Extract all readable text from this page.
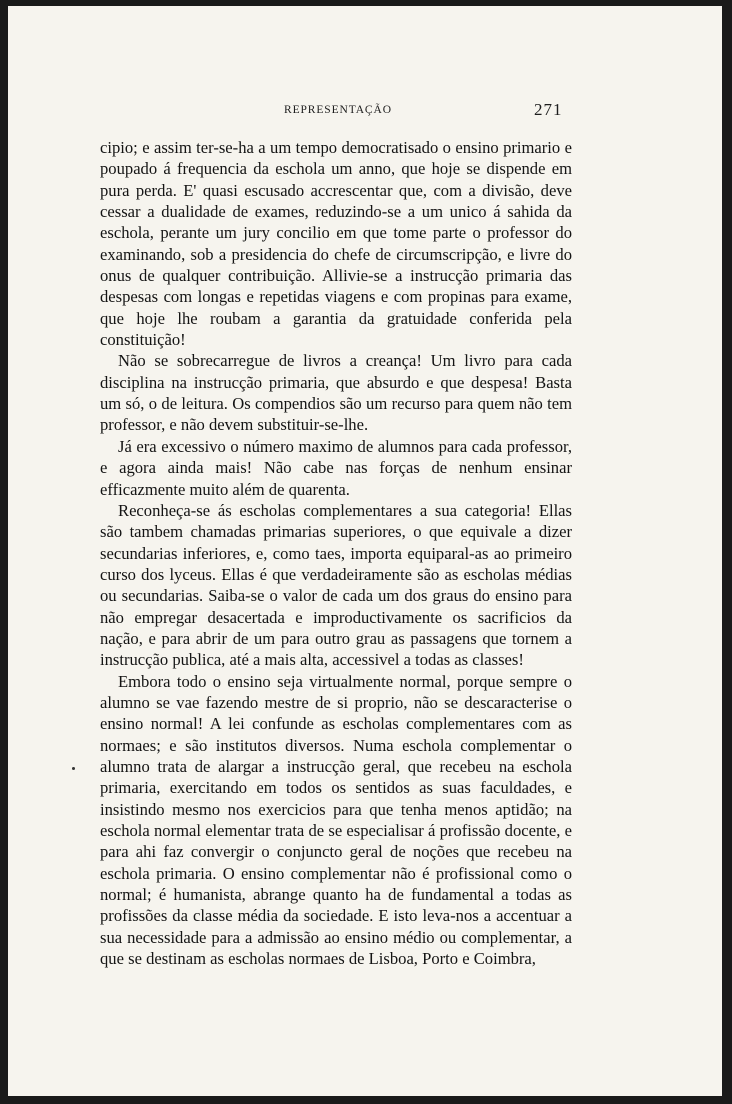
REPRESENTAÇÃO	271

cipio; e assim ter-se-ha a um tempo democratisado o ensino primario e poupado á frequencia da eschola um anno, que hoje se dispende em pura perda. E' quasi escusado accrescentar que, com a divisão, deve cessar a dualidade de exames, reduzindo-se a um unico á sahida da eschola, perante um jury concilio em que tome parte o professor do examinando, sob a presidencia do chefe de circumscripção, e livre do onus de qualquer contribuição. Allivie-se a instrucção primaria das despesas com longas e repetidas viagens e com propinas para exame, que hoje lhe roubam a garantia da gratuidade conferida pela constituição!

Não se sobrecarregue de livros a creança! Um livro para cada disciplina na instrucção primaria, que absurdo e que despesa! Basta um só, o de leitura. Os compendios são um recurso para quem não tem professor, e não devem substituir-se-lhe.

Já era excessivo o número maximo de alumnos para cada professor, e agora ainda mais! Não cabe nas forças de nenhum ensinar efficazmente muito além de quarenta.

Reconheça-se ás escholas complementares a sua categoria! Ellas são tambem chamadas primarias superiores, o que equivale a dizer secundarias inferiores, e, como taes, importa equiparal-as ao primeiro curso dos lyceus. Ellas é que verdadeiramente são as escholas médias ou secundarias. Saiba-se o valor de cada um dos graus do ensino para não empregar desacertada e improductivamente os sacrificios da nação, e para abrir de um para outro grau as passagens que tornem a instrucção publica, até a mais alta, accessivel a todas as classes!

Embora todo o ensino seja virtualmente normal, porque sempre o alumno se vae fazendo mestre de si proprio, não se descaracterise o ensino normal! A lei confunde as escholas complementares com as normaes; e são institutos diversos. Numa eschola complementar o alumno trata de alargar a instrucção geral, que recebeu na eschola primaria, exercitando em todos os sentidos as suas faculdades, e insistindo mesmo nos exercicios para que tenha menos aptidão; na eschola normal elementar trata de se especialisar á profissão docente, e para ahi faz convergir o conjuncto geral de noções que recebeu na eschola primaria. O ensino complementar não é profissional como o normal; é humanista, abrange quanto ha de fundamental a todas as profissões da classe média da sociedade. E isto leva-nos a accentuar a sua necessidade para a admissão ao ensino médio ou complementar, a que se destinam as escholas normaes de Lisboa, Porto e Coimbra,
